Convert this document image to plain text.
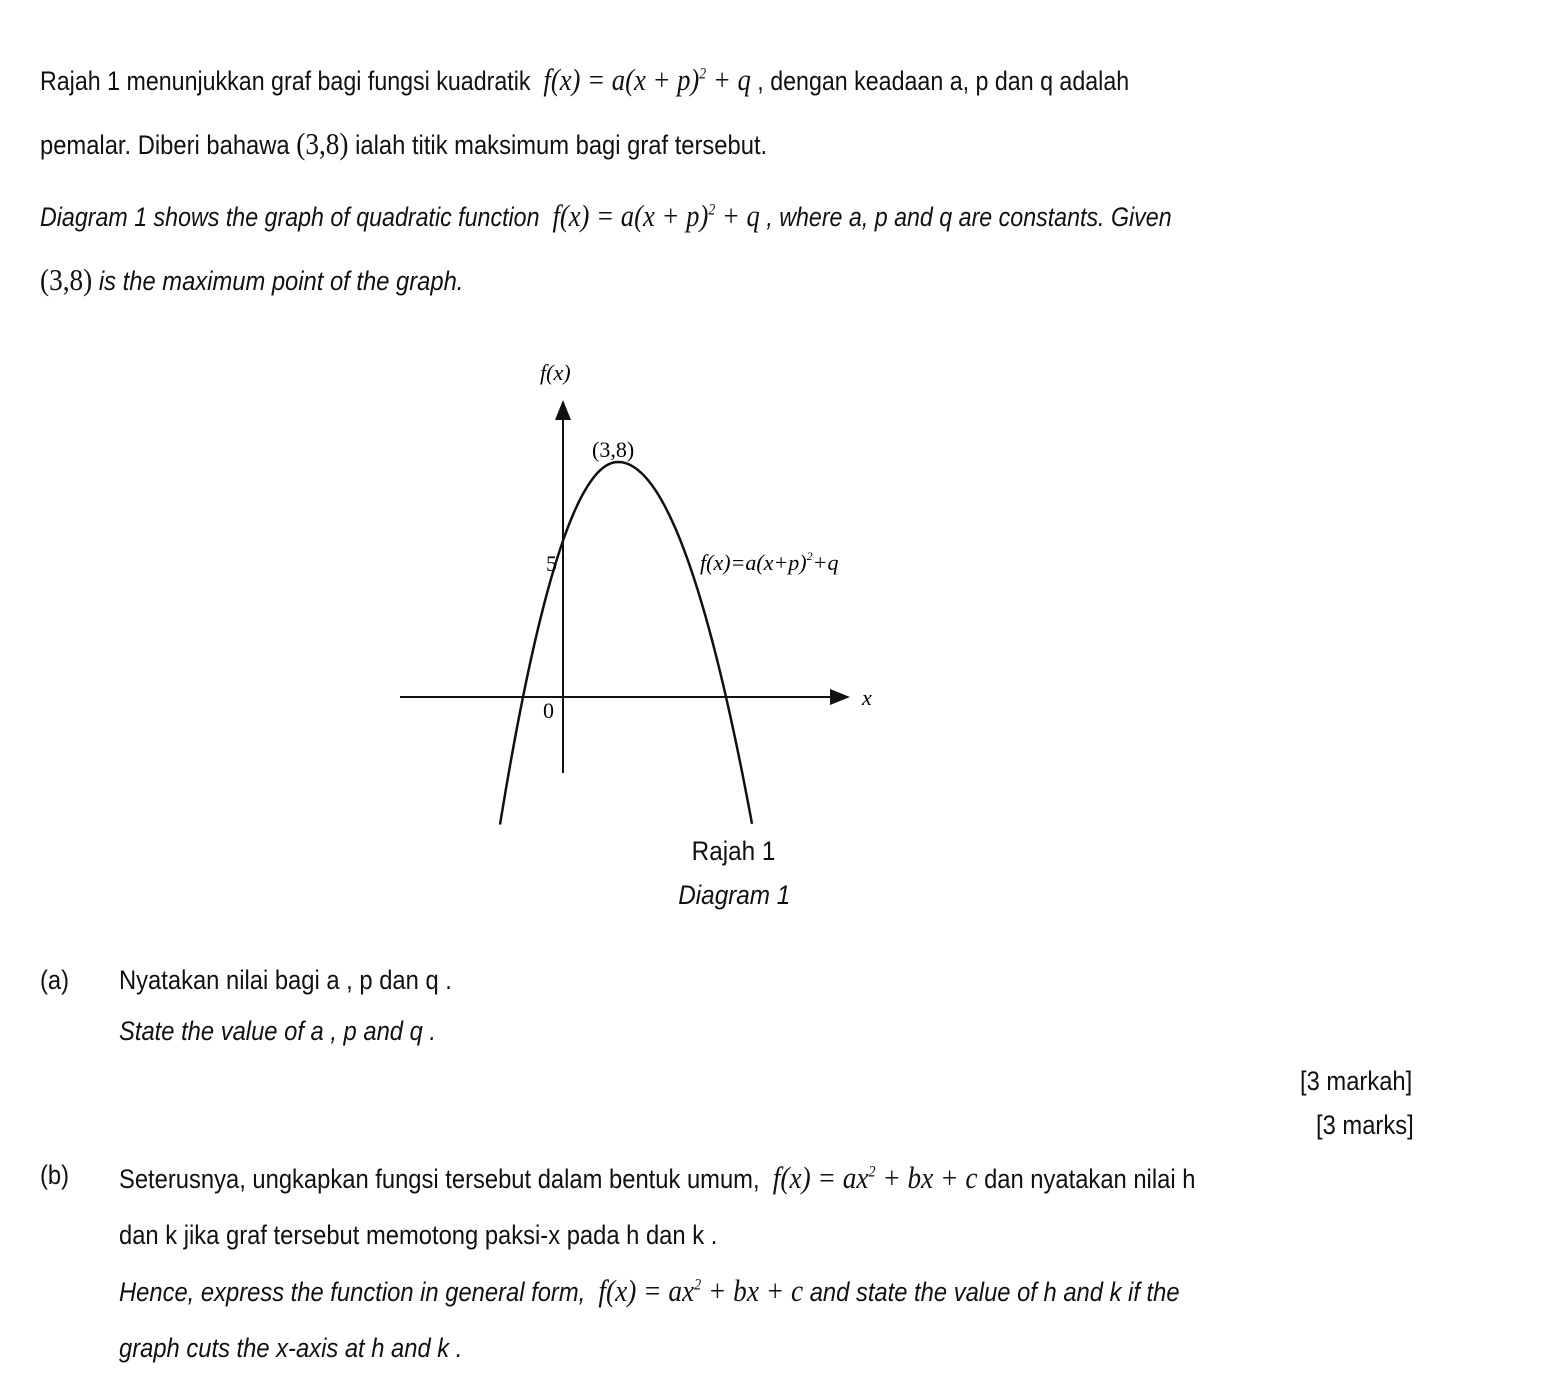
Rajah 1 menunjukkan graf bagi fungsi kuadratik $f(x) = a(x + p)^2 + q$ , dengan keadaan a, p dan q adalah
pemalar. Diberi bahawa (3,8) ialah titik maksimum bagi graf tersebut.
Diagram 1 shows the graph of quadratic function $f(x) = a(x + p)^2 + q$ , where a, p and q are constants. Given
(3,8) is the maximum point of the graph.
f(x)
x
0
5
(3,8)
$f(x)=a(x+p)^2+q$
Rajah 1
Diagram 1
(a) Nyatakan nilai bagi a , p dan q .
State the value of a , p and q .
[3 markah]
[3 marks]
(b) Seterusnya, ungkapkan fungsi tersebut dalam bentuk umum, $f(x) = ax^2$ + bx + c dan nyatakan nilai h
dan k jika graf tersebut memotong paksi-x pada h dan k .
Hence, express the function in general form, $f(x) = ax^2$ + bx + c and state the value of h and k if the
graph cuts the x-axis at h and k .
